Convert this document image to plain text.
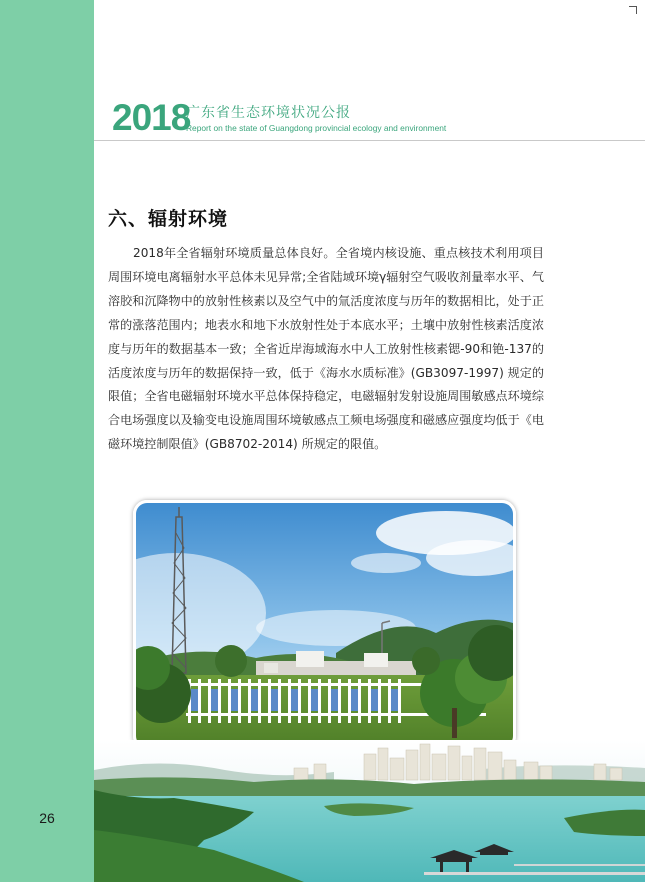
2018
广东省生态环境状况公报
Report on the state of Guangdong provincial ecology and environment
六、辐射环境

2018年全省辐射环境质量总体良好。全省境内核设施、重点核技术利用项目周围环境电离辐射水平总体未见异常;全省陆域环境γ辐射空气吸收剂量率水平、气溶胶和沉降物中的放射性核素以及空气中的氚活度浓度与历年的数据相比，处于正常的涨落范围内；地表水和地下水放射性处于本底水平；土壤中放射性核素活度浓度与历年的数据基本一致；全省近岸海域海水中人工放射性核素锶-90和铯-137的活度浓度与历年的数据保持一致，低于《海水水质标准》(GB3097-1997) 规定的限值；全省电磁辐射环境水平总体保持稳定，电磁辐射发射设施周围敏感点环境综合电场强度以及输变电设施周围环境敏感点工频电场强度和磁感应强度均低于《电磁环境控制限值》(GB8702-2014) 所规定的限值。

26
